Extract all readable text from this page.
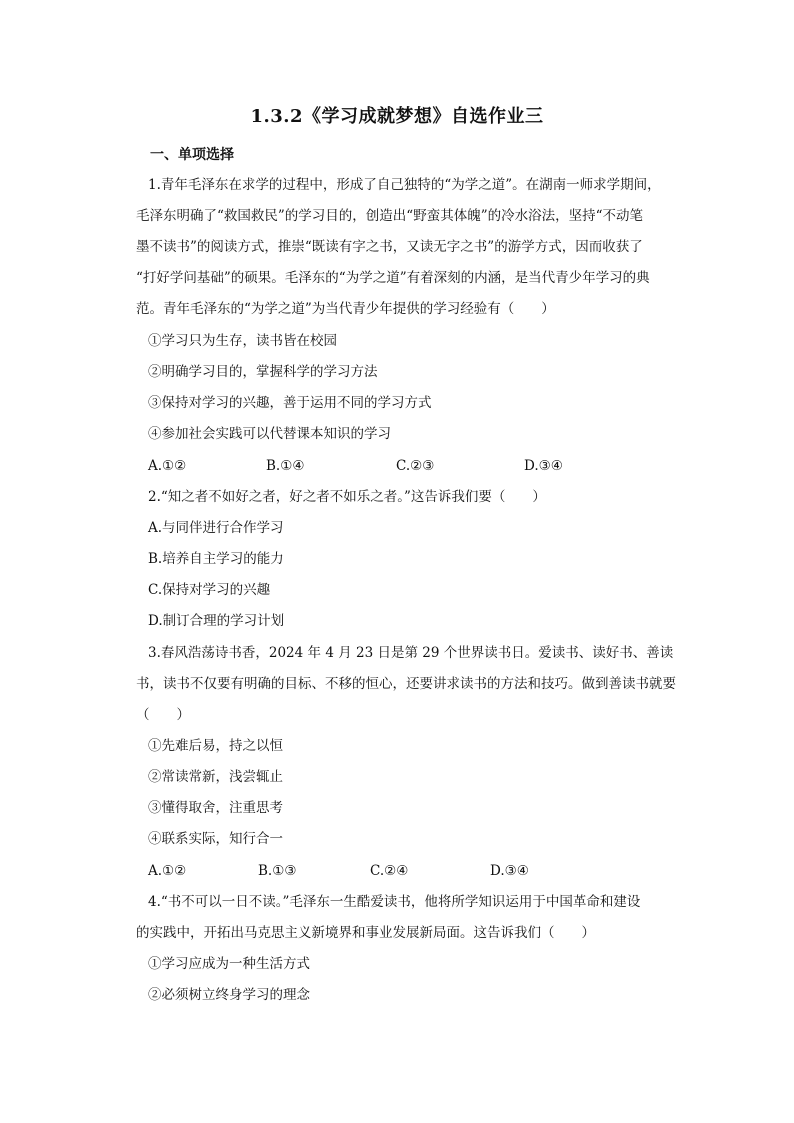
1.3.2《学习成就梦想》自选作业三
一、单项选择
1.青年毛泽东在求学的过程中，形成了自己独特的“为学之道”。在湖南一师求学期间，
毛泽东明确了“救国救民”的学习目的，创造出“野蛮其体魄”的冷水浴法，坚持“不动笔
墨不读书”的阅读方式，推崇“既读有字之书，又读无字之书”的游学方式，因而收获了
“打好学问基础”的硕果。毛泽东的“为学之道”有着深刻的内涵，是当代青少年学习的典
范。青年毛泽东的“为学之道”为当代青少年提供的学习经验有（　　）
①学习只为生存，读书皆在校园
②明确学习目的，掌握科学的学习方法
③保持对学习的兴趣，善于运用不同的学习方式
④参加社会实践可以代替课本知识的学习
A.①②	B.①④	C.②③	D.③④
2.“知之者不如好之者，好之者不如乐之者。”这告诉我们要（　　）
A.与同伴进行合作学习
B.培养自主学习的能力
C.保持对学习的兴趣
D.制订合理的学习计划
3.春风浩荡诗书香，2024 年 4 月 23 日是第 29 个世界读书日。爱读书、读好书、善读
书，读书不仅要有明确的目标、不移的恒心，还要讲求读书的方法和技巧。做到善读书就要
（　　）
①先难后易，持之以恒
②常读常新，浅尝辄止
③懂得取舍，注重思考
④联系实际，知行合一
A.①②	B.①③	C.②④	D.③④
4.“书不可以一日不读。”毛泽东一生酷爱读书，他将所学知识运用于中国革命和建设
的实践中，开拓出马克思主义新境界和事业发展新局面。这告诉我们（　　）
①学习应成为一种生活方式
②必须树立终身学习的理念
